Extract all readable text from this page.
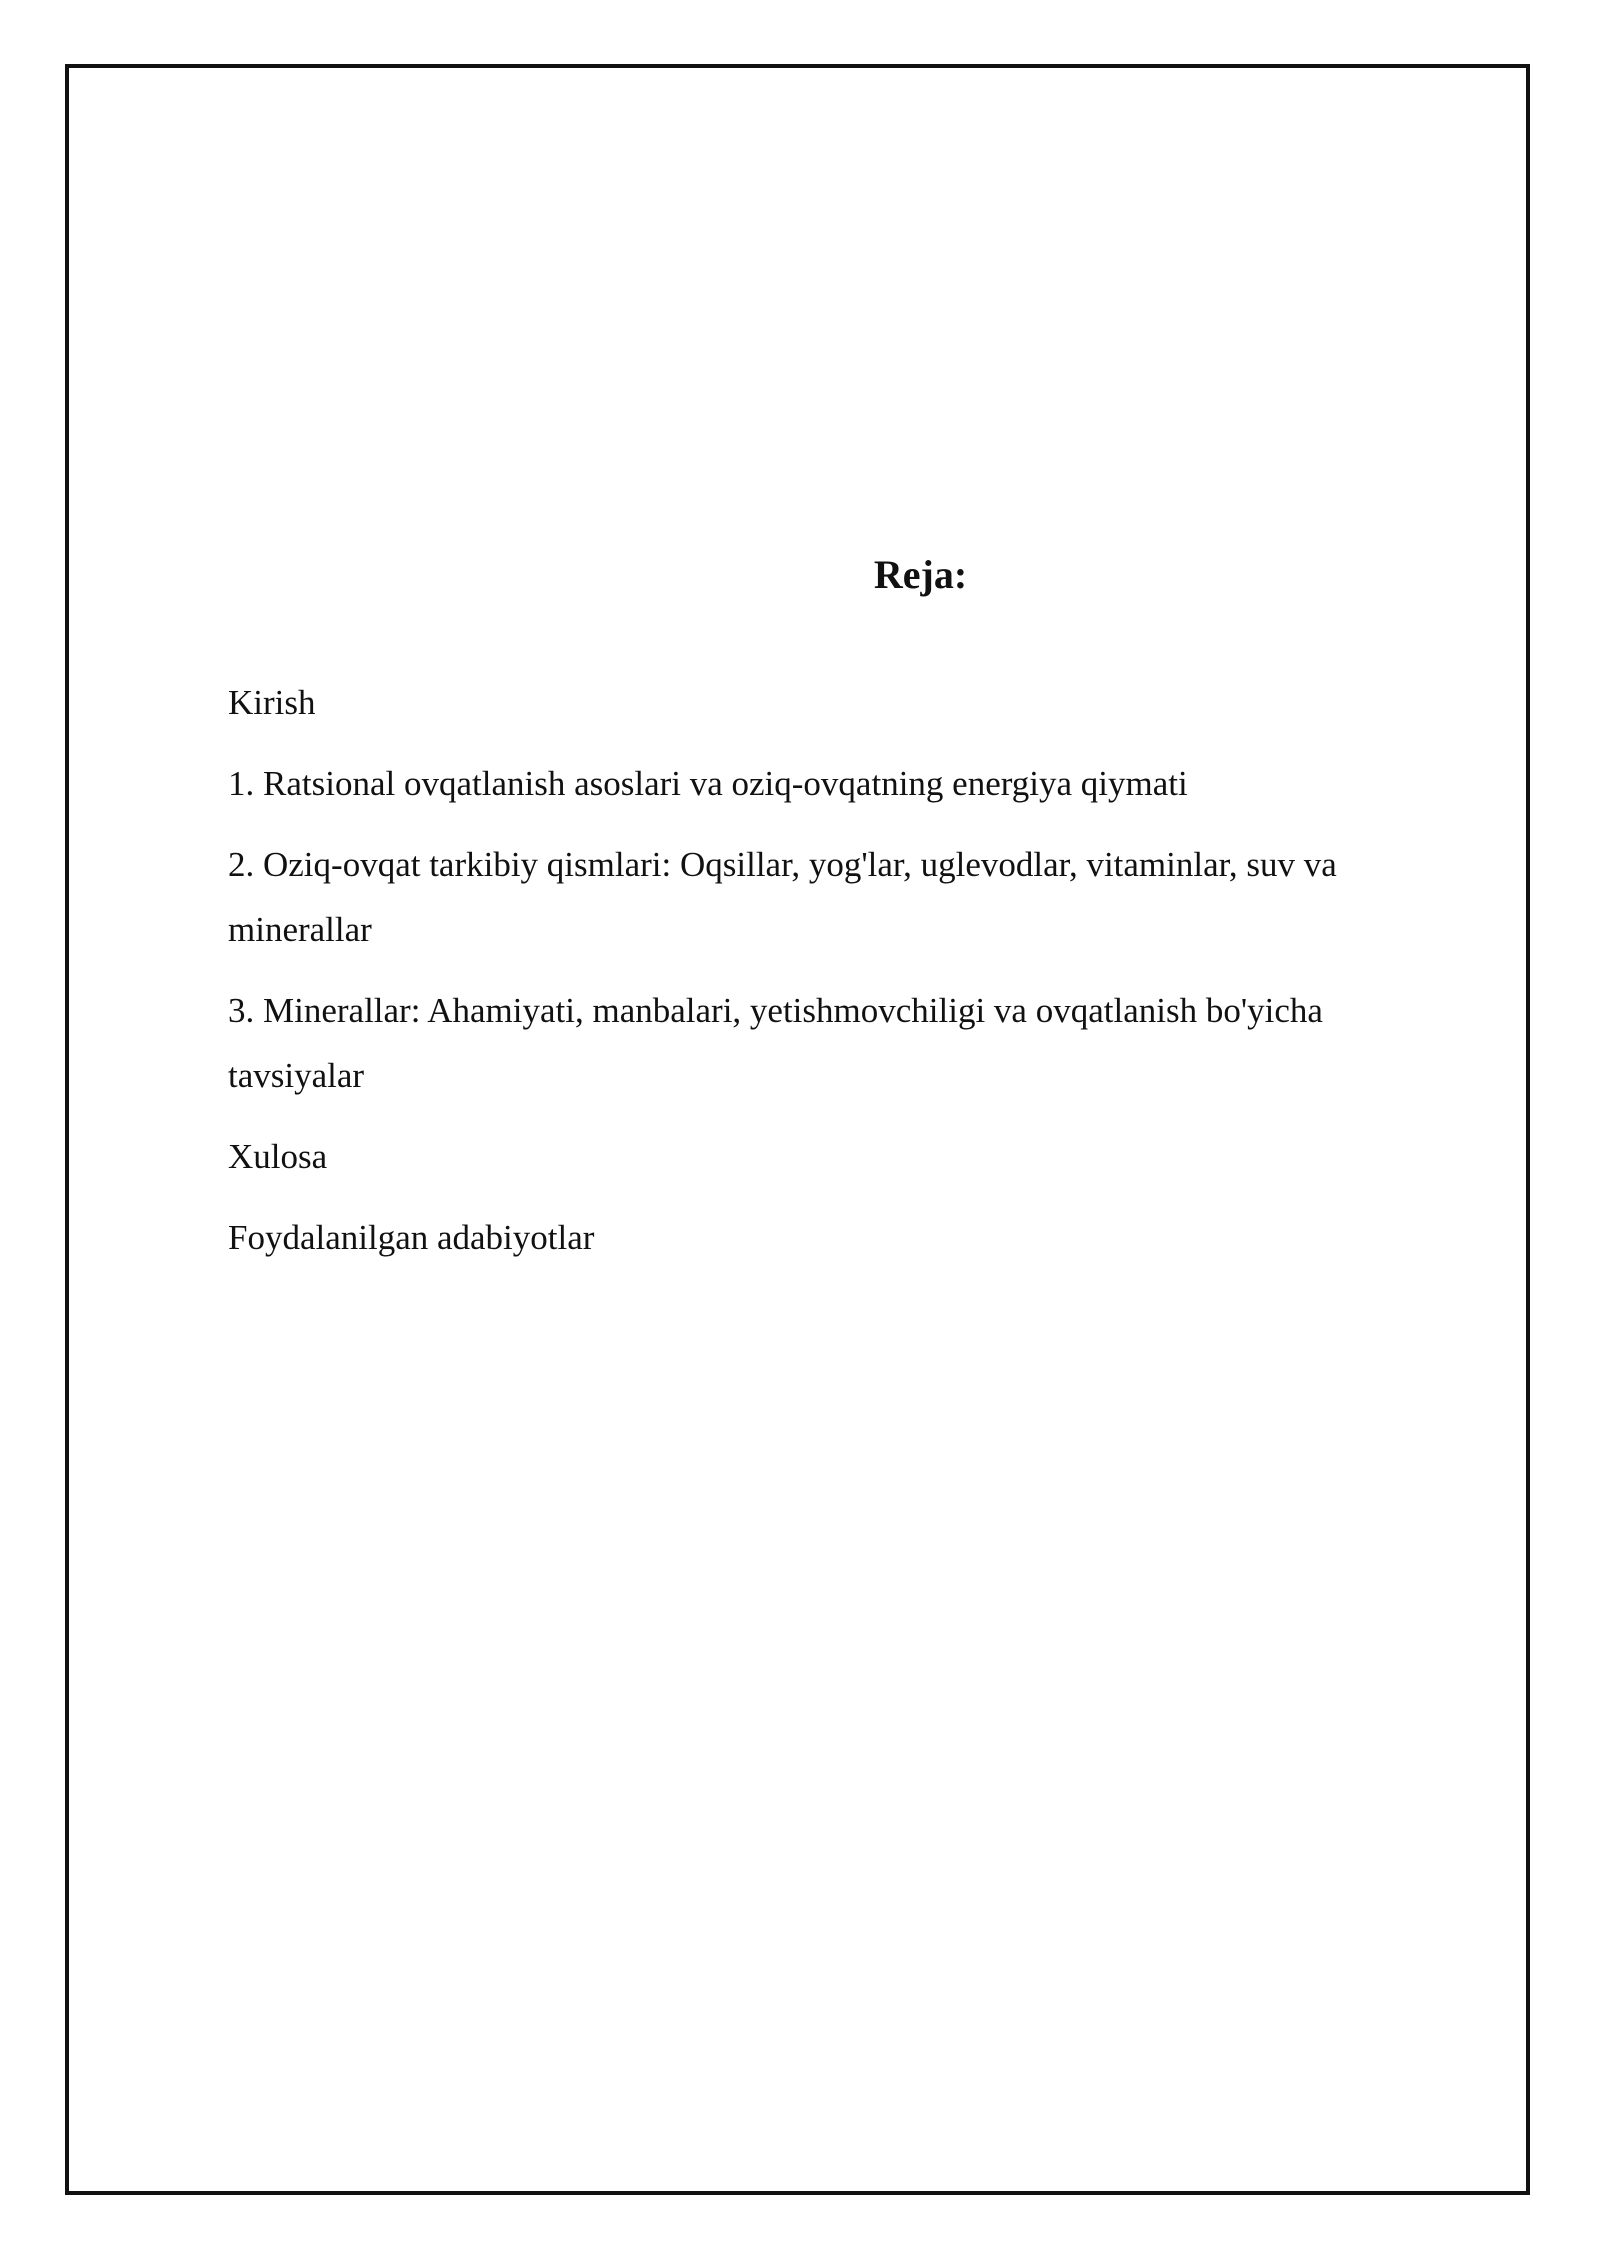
Reja:
Kirish
1. Ratsional ovqatlanish asoslari va oziq-ovqatning energiya qiymati
2. Oziq-ovqat tarkibiy qismlari: Oqsillar, yog'lar, uglevodlar, vitaminlar, suv va minerallar
3. Minerallar: Ahamiyati, manbalari, yetishmovchiligi va ovqatlanish bo'yicha tavsiyalar
Xulosa
Foydalanilgan adabiyotlar
